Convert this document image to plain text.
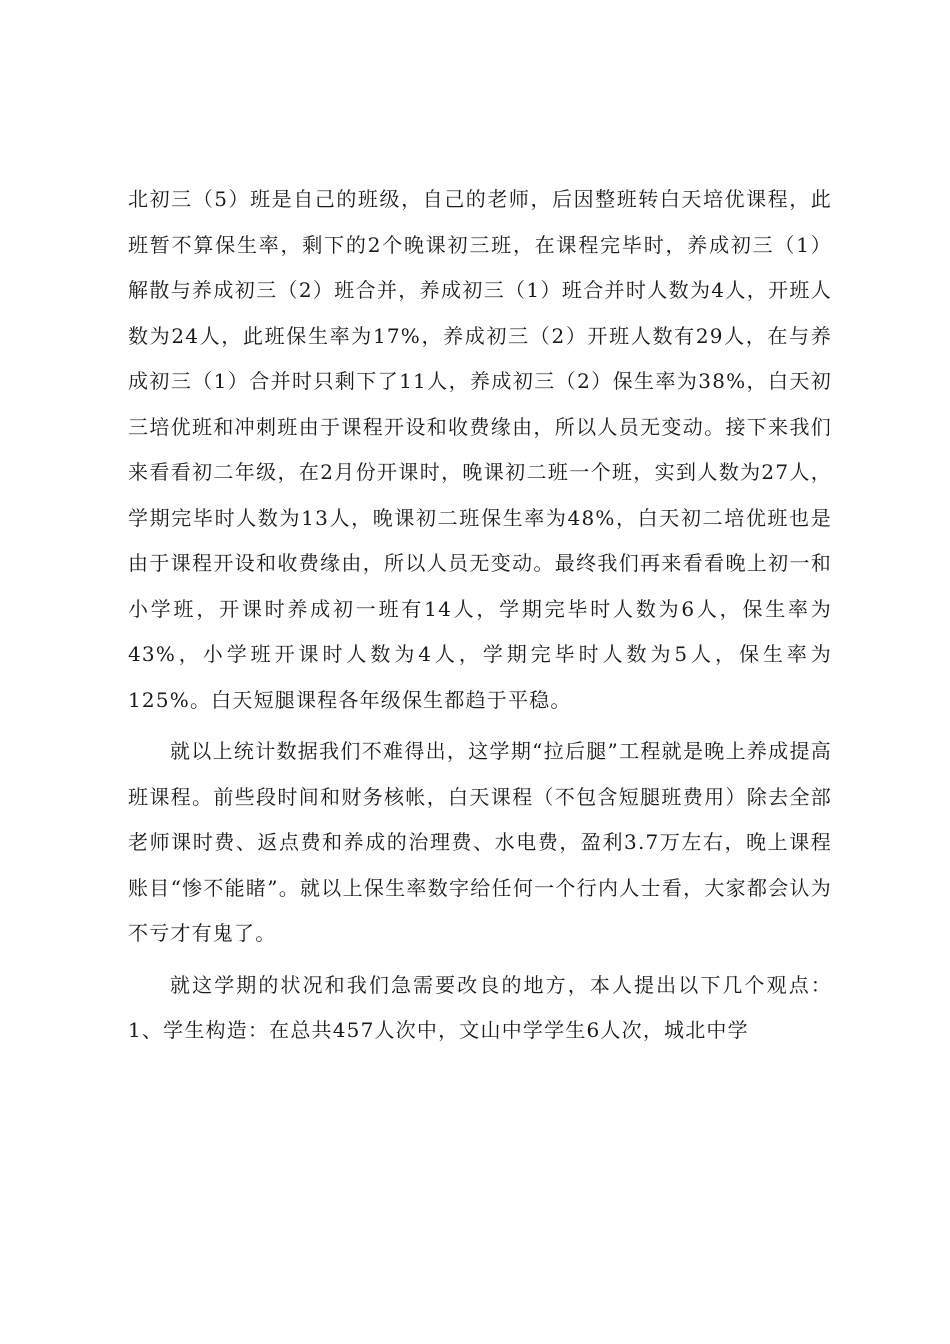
北初三（5）班是自己的班级，自己的老师，后因整班转白天培优课程，此班暂不算保生率，剩下的2个晚课初三班，在课程完毕时，养成初三（1）解散与养成初三（2）班合并，养成初三（1）班合并时人数为4人，开班人数为24人，此班保生率为17%，养成初三（2）开班人数有29人，在与养成初三（1）合并时只剩下了11人，养成初三（2）保生率为38%，白天初三培优班和冲刺班由于课程开设和收费缘由，所以人员无变动。接下来我们来看看初二年级，在2月份开课时，晚课初二班一个班，实到人数为27人，学期完毕时人数为13人，晚课初二班保生率为48%，白天初二培优班也是由于课程开设和收费缘由，所以人员无变动。最终我们再来看看晚上初一和小学班，开课时养成初一班有14人，学期完毕时人数为6人，保生率为43%，小学班开课时人数为4人，学期完毕时人数为5人，保生率为125%。白天短腿课程各年级保生都趋于平稳。

就以上统计数据我们不难得出，这学期“拉后腿”工程就是晚上养成提高班课程。前些段时间和财务核帐，白天课程（不包含短腿班费用）除去全部老师课时费、返点费和养成的治理费、水电费，盈利3.7万左右，晚上课程账目“惨不能睹”。就以上保生率数字给任何一个行内人士看，大家都会认为不亏才有鬼了。

就这学期的状况和我们急需要改良的地方，本人提出以下几个观点：1、学生构造：在总共457人次中，文山中学学生6人次，城北中学
